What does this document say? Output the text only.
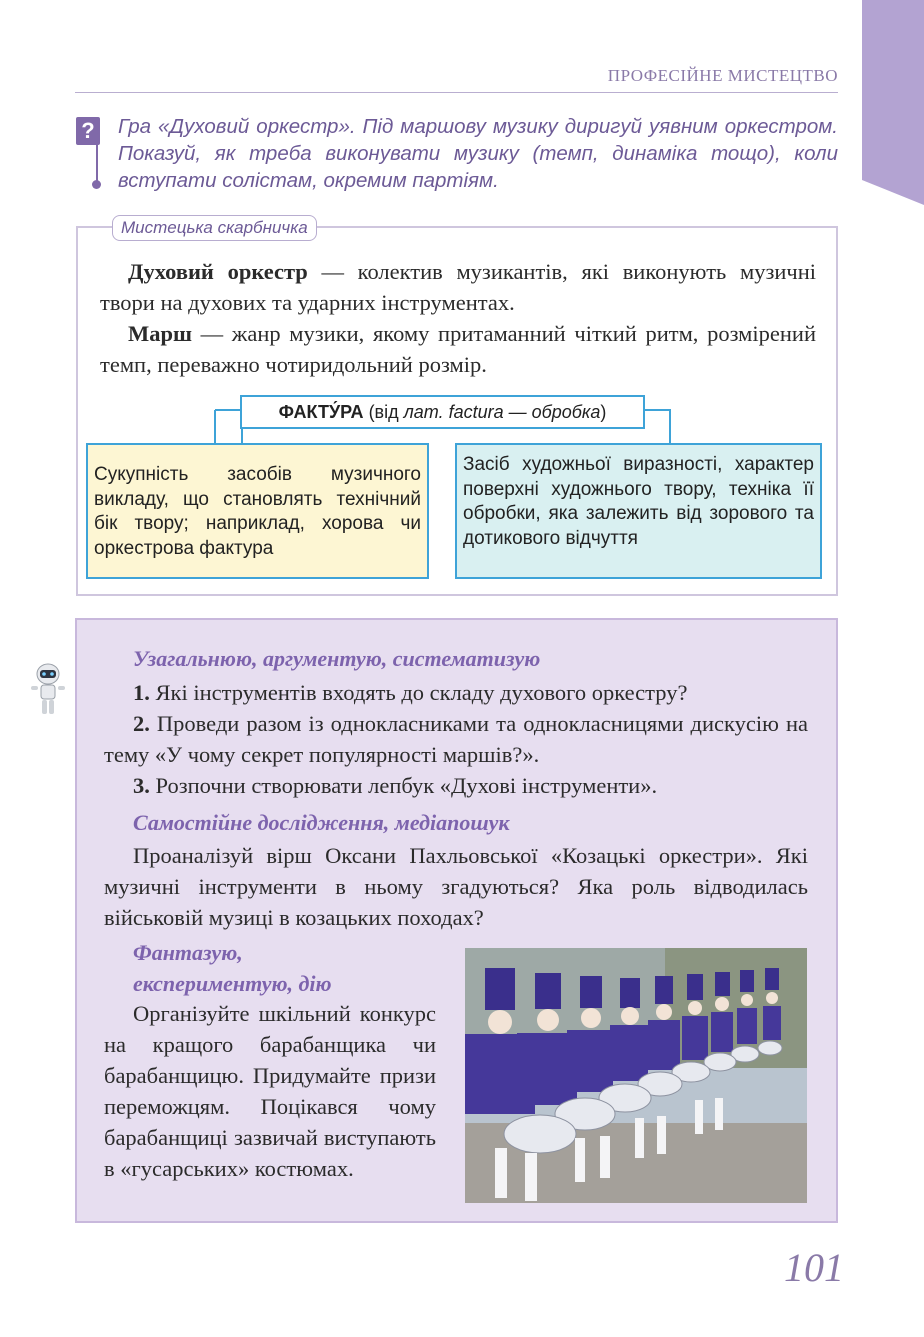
ПРОФЕСІЙНЕ МИСТЕЦТВО
? Гра «Духовий оркестр». Під маршову музику диригуй уявним оркестром. Показуй, як треба виконувати музику (темп, динаміка тощо), коли вступати солістам, окремим партіям.
Мистецька скарбничка
Духовий оркестр — колектив музикантів, які виконують музичні твори на духових та ударних інструментах.
Марш — жанр музики, якому притаманний чіткий ритм, розмірений темп, переважно чотиридольний розмір.
ФАКТУ́РА (від лат. factura — обробка)
Сукупність засобів музичного викладу, що становлять технічний бік твору; наприклад, хорова чи оркестрова фактура
Засіб художньої виразності, характер поверхні художнього твору, техніка її обробки, яка залежить від зорового та дотикового відчуття
Узагальнюю, аргументую, систематизую
1. Які інструментів входять до складу духового оркестру?
2. Проведи разом із однокласниками та однокласницями дискусію на тему «У чому секрет популярності маршів?».
3. Розпочни створювати лепбук «Духові інструменти».
Самостійне дослідження, медіапошук
Проаналізуй вірш Оксани Пахльовської «Козацькі оркестри». Які музичні інструменти в ньому згадуються? Яка роль відводилась військовій музиці в козацьких походах?
Фантазую,
експериментую, дію
Організуйте шкільний конкурс на кращого барабанщика чи барабанщицю. Придумайте призи переможцям. Поцікався чому барабанщиці зазвичай виступають в «гусарських» костюмах.
101
